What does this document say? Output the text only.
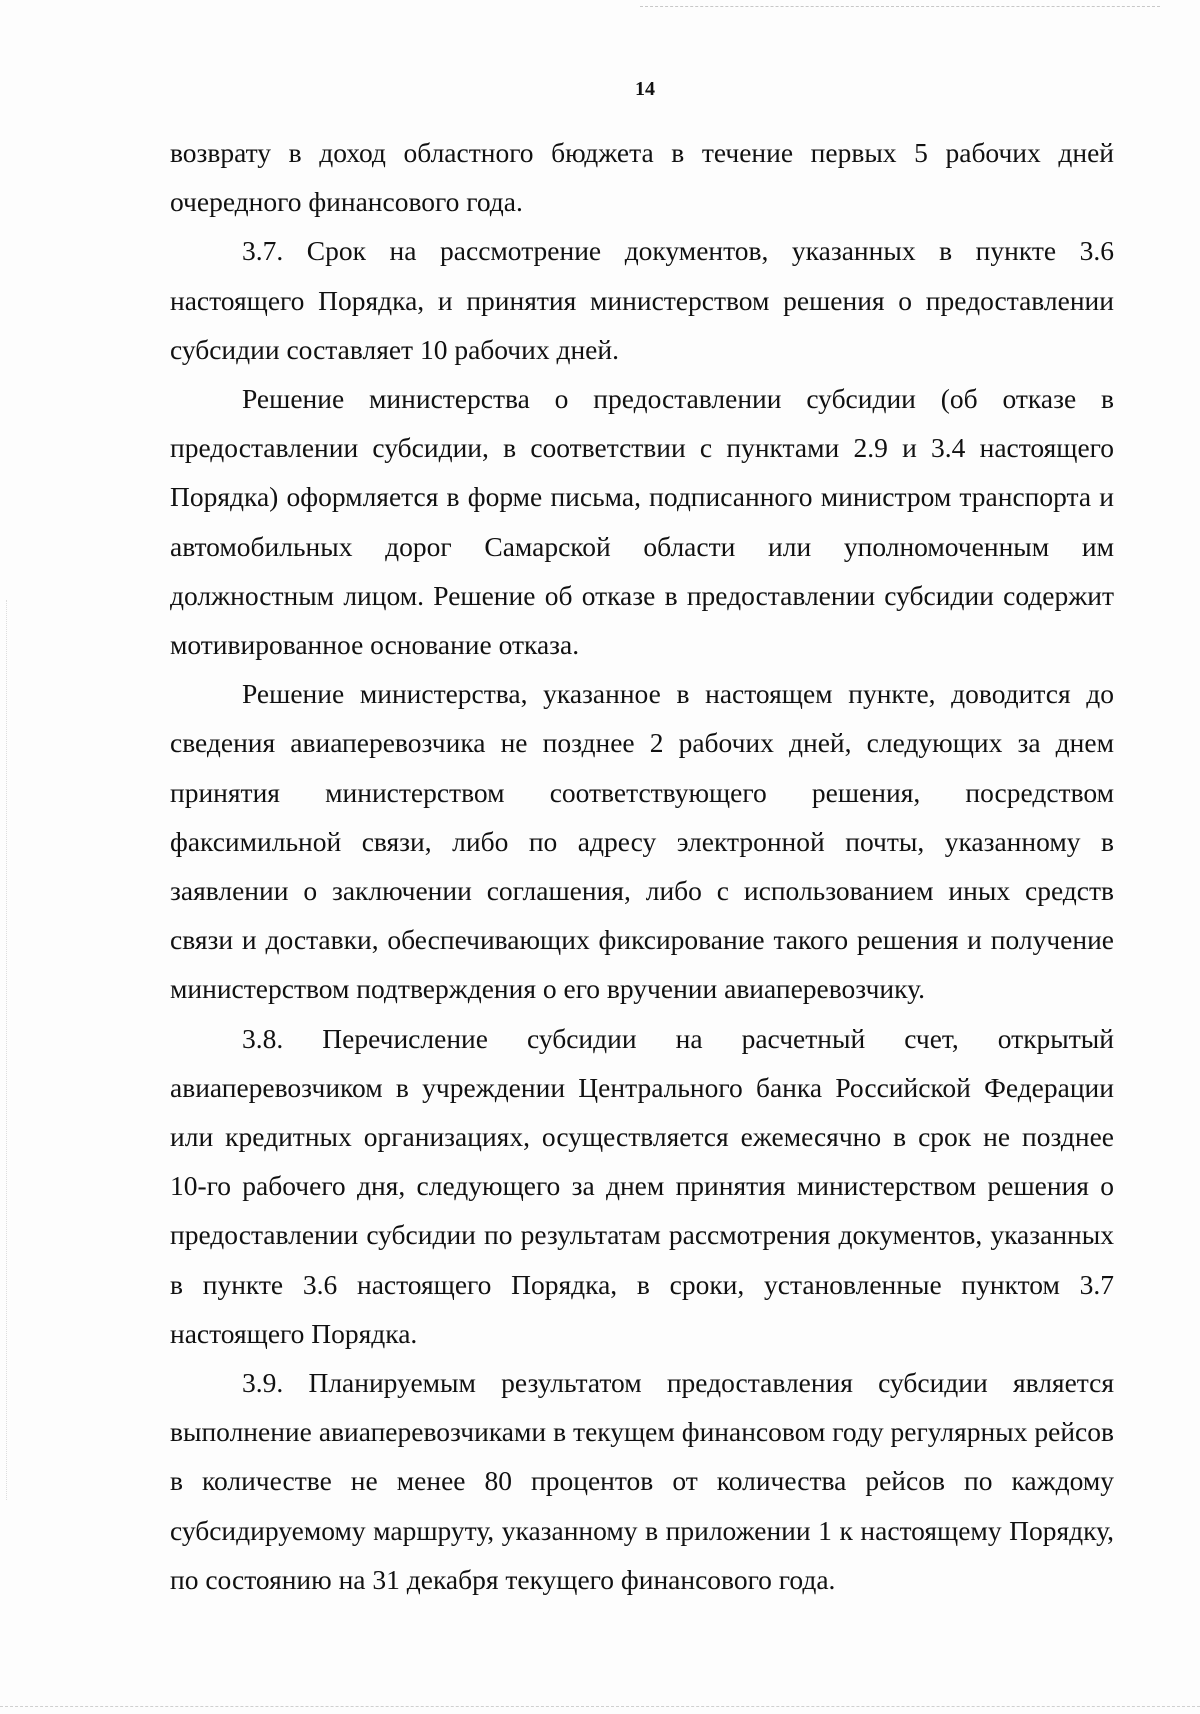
14

возврату в доход областного бюджета в течение первых 5 рабочих дней очередного финансового года.

3.7. Срок на рассмотрение документов, указанных в пункте 3.6 настоящего Порядка, и принятия министерством решения о предоставлении субсидии составляет 10 рабочих дней.

Решение министерства о предоставлении субсидии (об отказе в предоставлении субсидии, в соответствии с пунктами 2.9 и 3.4 настоящего Порядка) оформляется в форме письма, подписанного министром транспорта и автомобильных дорог Самарской области или уполномоченным им должностным лицом. Решение об отказе в предоставлении субсидии содержит мотивированное основание отказа.

Решение министерства, указанное в настоящем пункте, доводится до сведения авиаперевозчика не позднее 2 рабочих дней, следующих за днем принятия министерством соответствующего решения, посредством факсимильной связи, либо по адресу электронной почты, указанному в заявлении о заключении соглашения, либо с использованием иных средств связи и доставки, обеспечивающих фиксирование такого решения и получение министерством подтверждения о его вручении авиаперевозчику.

3.8. Перечисление субсидии на расчетный счет, открытый авиаперевозчиком в учреждении Центрального банка Российской Федерации или кредитных организациях, осуществляется ежемесячно в срок не позднее 10-го рабочего дня, следующего за днем принятия министерством решения о предоставлении субсидии по результатам рассмотрения документов, указанных в пункте 3.6 настоящего Порядка, в сроки, установленные пунктом 3.7 настоящего Порядка.

3.9. Планируемым результатом предоставления субсидии является выполнение авиаперевозчиками в текущем финансовом году регулярных рейсов в количестве не менее 80 процентов от количества рейсов по каждому субсидируемому маршруту, указанному в приложении 1 к настоящему Порядку, по состоянию на 31 декабря текущего финансового года.
